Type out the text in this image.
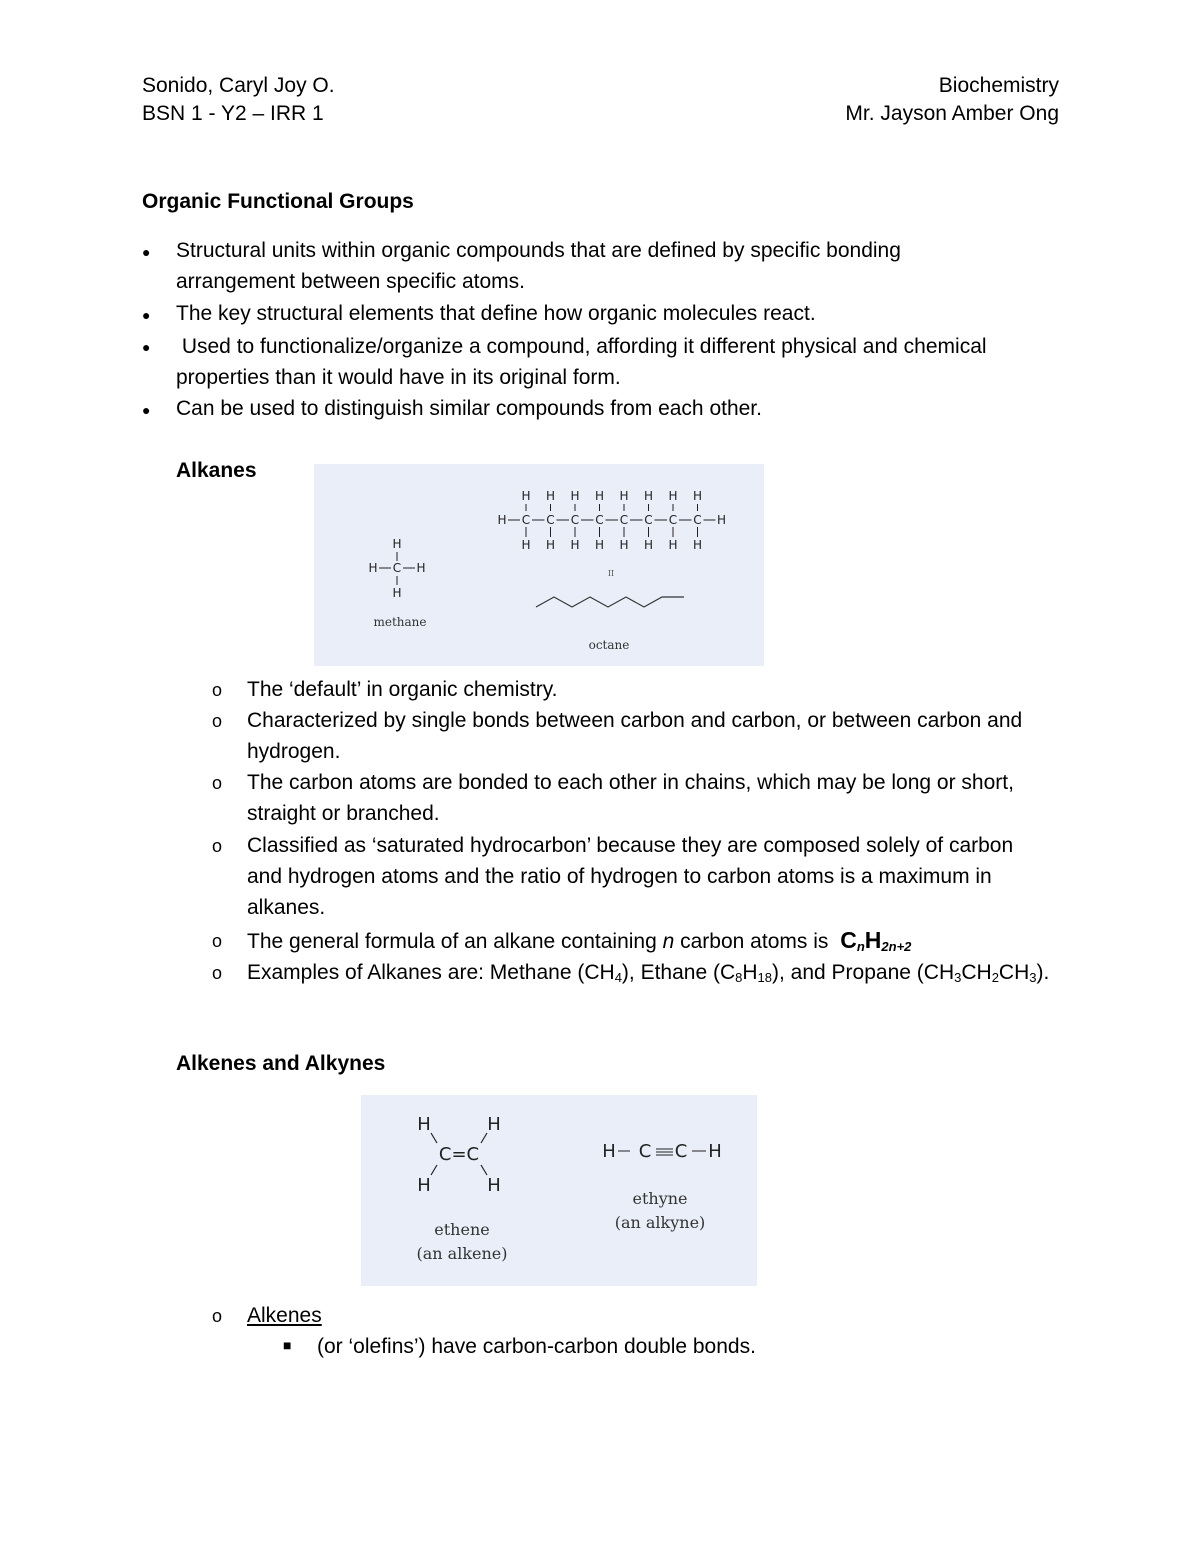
Sonido, Caryl Joy O.
BSN 1 - Y2 – IRR 1
Biochemistry
Mr. Jayson Amber Ong
Organic Functional Groups
● Structural units within organic compounds that are defined by specific bonding
arrangement between specific atoms.
● The key structural elements that define how organic molecules react.
● Used to functionalize/organize a compound, affording it different physical and chemical
properties than it would have in its original form.
● Can be used to distinguish similar compounds from each other.
Alkanes
H
H
C
H
H
C
H
H
C
H
H
C
H
H
C
H
H
C
H
H
C
H
H
C
H
H
H
H C H
H
methane
II
octane
o The ‘default’ in organic chemistry.
o Characterized by single bonds between carbon and carbon, or between carbon and
hydrogen.
o The carbon atoms are bonded to each other in chains, which may be long or short,
straight or branched.
o Classified as ‘saturated hydrocarbon’ because they are composed solely of carbon
and hydrogen atoms and the ratio of hydrogen to carbon atoms is a maximum in
alkanes.
o The general formula of an alkane containing n carbon atoms is $C_nH_{2n+2}$
o Examples of Alkanes are: Methane $(CH_4)$, Ethane $(C_8H_{18})$, and Propane $(CH_3CH_2CH_3)$.
Alkenes and Alkynes
H	H
C=C
H	H
H C C H
ethene
(an alkene)
ethyne
(an alkyne)
o Alkenes
■ (or ‘olefins’) have carbon-carbon double bonds.
